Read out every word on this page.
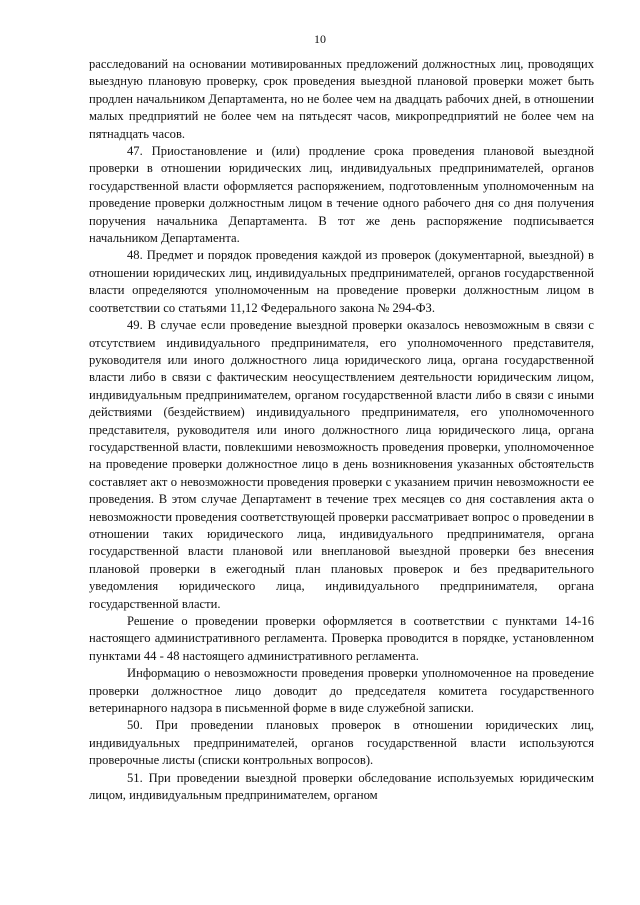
10

расследований на основании мотивированных предложений должностных лиц, проводящих выездную плановую проверку, срок проведения выездной плановой проверки может быть продлен начальником Департамента, но не более чем на двадцать рабочих дней, в отношении малых предприятий не более чем на пятьдесят часов, микропредприятий не более чем на пятнадцать часов.

47. Приостановление и (или) продление срока проведения плановой выездной проверки в отношении юридических лиц, индивидуальных предпринимателей, органов государственной власти оформляется распоряжением, подготовленным уполномоченным на проведение проверки должностным лицом в течение одного рабочего дня со дня получения поручения начальника Департамента. В тот же день распоряжение подписывается начальником Департамента.

48. Предмет и порядок проведения каждой из проверок (документарной, выездной) в отношении юридических лиц, индивидуальных предпринимателей, органов государственной власти определяются уполномоченным на проведение проверки должностным лицом в соответствии со статьями 11,12 Федерального закона № 294-ФЗ.

49. В случае если проведение выездной проверки оказалось невозможным в связи с отсутствием индивидуального предпринимателя, его уполномоченного представителя, руководителя или иного должностного лица юридического лица, органа государственной власти либо в связи с фактическим неосуществлением деятельности юридическим лицом, индивидуальным предпринимателем, органом государственной власти либо в связи с иными действиями (бездействием) индивидуального предпринимателя, его уполномоченного представителя, руководителя или иного должностного лица юридического лица, органа государственной власти, повлекшими невозможность проведения проверки, уполномоченное на проведение проверки должностное лицо в день возникновения указанных обстоятельств составляет акт о невозможности проведения проверки с указанием причин невозможности ее проведения. В этом случае Департамент в течение трех месяцев со дня составления акта о невозможности проведения соответствующей проверки рассматривает вопрос о проведении в отношении таких юридического лица, индивидуального предпринимателя, органа государственной власти плановой или внеплановой выездной проверки без внесения плановой проверки в ежегодный план плановых проверок и без предварительного уведомления юридического лица, индивидуального предпринимателя, органа государственной власти.

Решение о проведении проверки оформляется в соответствии с пунктами 14-16 настоящего административного регламента. Проверка проводится в порядке, установленном пунктами 44 - 48 настоящего административного регламента.

Информацию о невозможности проведения проверки уполномоченное на проведение проверки должностное лицо доводит до председателя комитета государственного ветеринарного надзора в письменной форме в виде служебной записки.

50. При проведении плановых проверок в отношении юридических лиц, индивидуальных предпринимателей, органов государственной власти используются проверочные листы (списки контрольных вопросов).

51. При проведении выездной проверки обследование используемых юридическим лицом, индивидуальным предпринимателем, органом
